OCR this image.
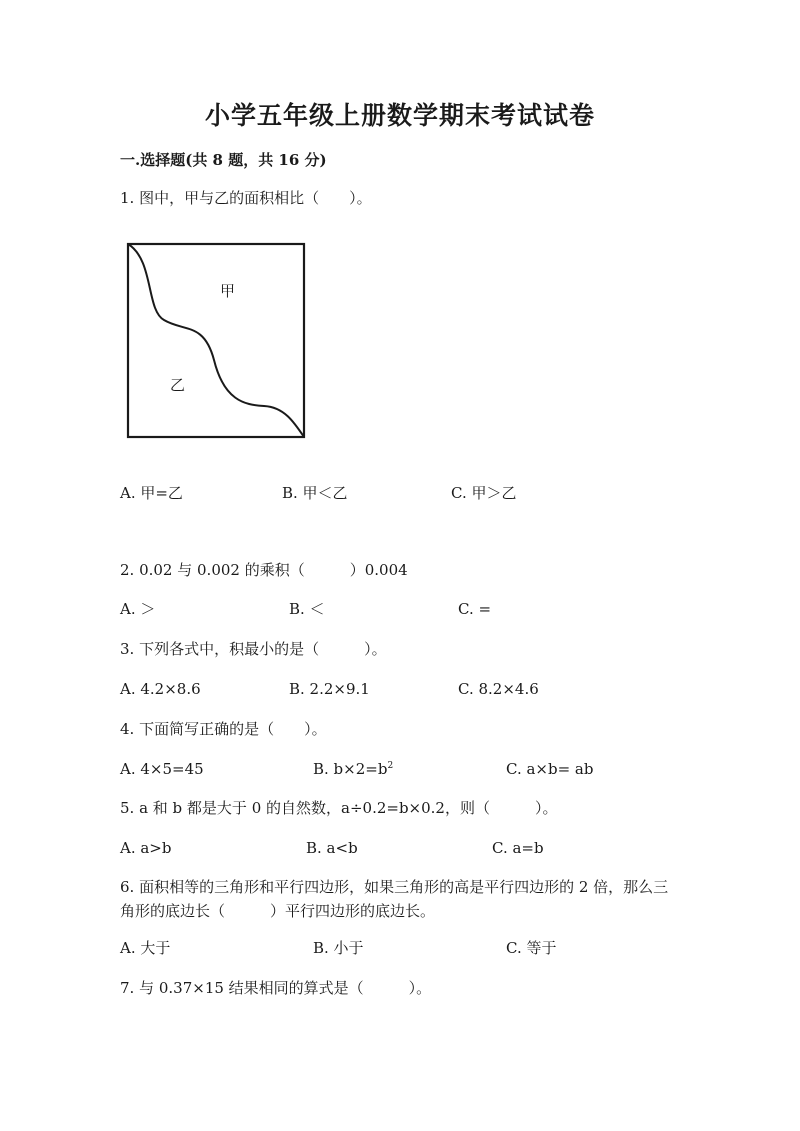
小学五年级上册数学期末考试试卷
一.选择题(共 8 题，共 16 分)
1. 图中，甲与乙的面积相比（　　）。
甲
乙
A. 甲=乙	B. 甲＜乙	C. 甲＞乙
2. 0.02 与 0.002 的乘积（　　　）0.004
A. ＞	B. ＜	C. =
3. 下列各式中，积最小的是（　　　）。
A. 4.2×8.6	B. 2.2×9.1	C. 8.2×4.6
4. 下面简写正确的是（　　）。
A. 4×5=45	B. $b\times 2=b^2$	C. a×b= ab
5. a 和 b 都是大于 0 的自然数，a÷0.2=b×0.2，则（　　　）。
A. a>b	B. a<b	C. a=b
6. 面积相等的三角形和平行四边形，如果三角形的高是平行四边形的 2 倍，那么三角形的底边长（　　　）平行四边形的底边长。
A. 大于	B. 小于	C. 等于
7. 与 0.37×15 结果相同的算式是（　　　）。
